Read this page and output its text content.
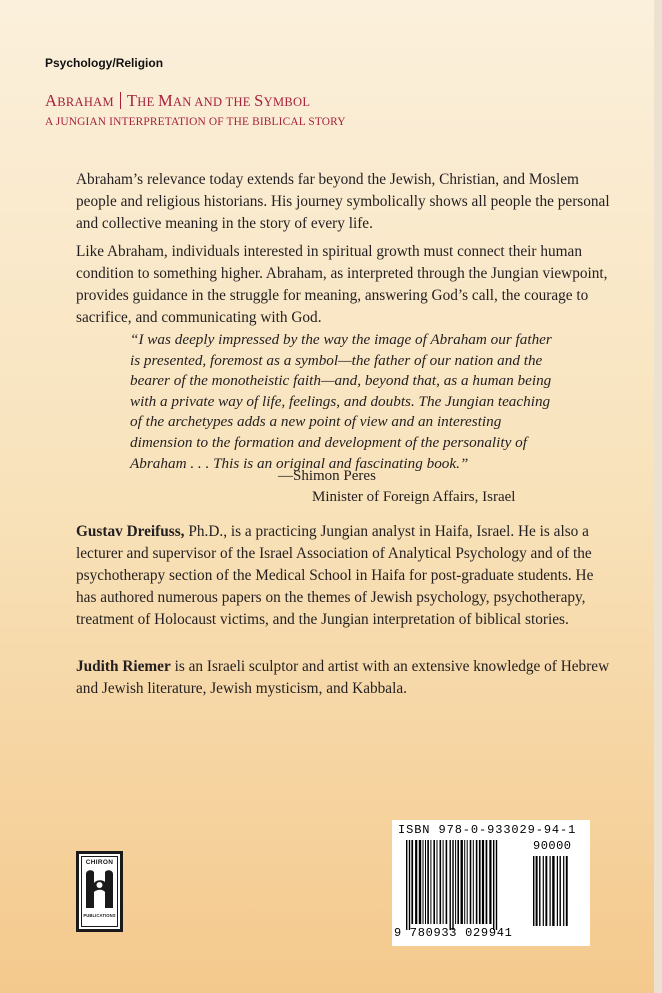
Psychology/Religion
ABRAHAM THE MAN AND THE SYMBOL
A JUNGIAN INTERPRETATION OF THE BIBLICAL STORY

Abraham’s relevance today extends far beyond the Jewish, Christian, and Moslem people and religious historians. His journey symbolically shows all people the personal and collective meaning in the story of every life.

Like Abraham, individuals interested in spiritual growth must connect their human condition to something higher. Abraham, as interpreted through the Jungian viewpoint, provides guidance in the struggle for meaning, answering God’s call, the courage to sacrifice, and communicating with God.

“I was deeply impressed by the way the image of Abraham our father is presented, foremost as a symbol—the father of our nation and the bearer of the monotheistic faith—and, beyond that, as a human being with a private way of life, feelings, and doubts. The Jungian teaching of the archetypes adds a new point of view and an interesting dimension to the formation and development of the personality of Abraham . . . This is an original and fascinating book.”

—Shimon Peres
Minister of Foreign Affairs, Israel

Gustav Dreifuss, Ph.D., is a practicing Jungian analyst in Haifa, Israel. He is also a lecturer and supervisor of the Israel Association of Analytical Psychology and of the psychotherapy section of the Medical School in Haifa for post-graduate students. He has authored numerous papers on the themes of Jewish psychology, psychotherapy, treatment of Holocaust victims, and the Jungian interpretation of biblical stories.

Judith Riemer is an Israeli sculptor and artist with an extensive knowledge of Hebrew and Jewish literature, Jewish mysticism, and Kabbala.

CHIRON
PUBLICATIONS
ISBN 978-0-933029-94-1
90000
9 780933 029941
